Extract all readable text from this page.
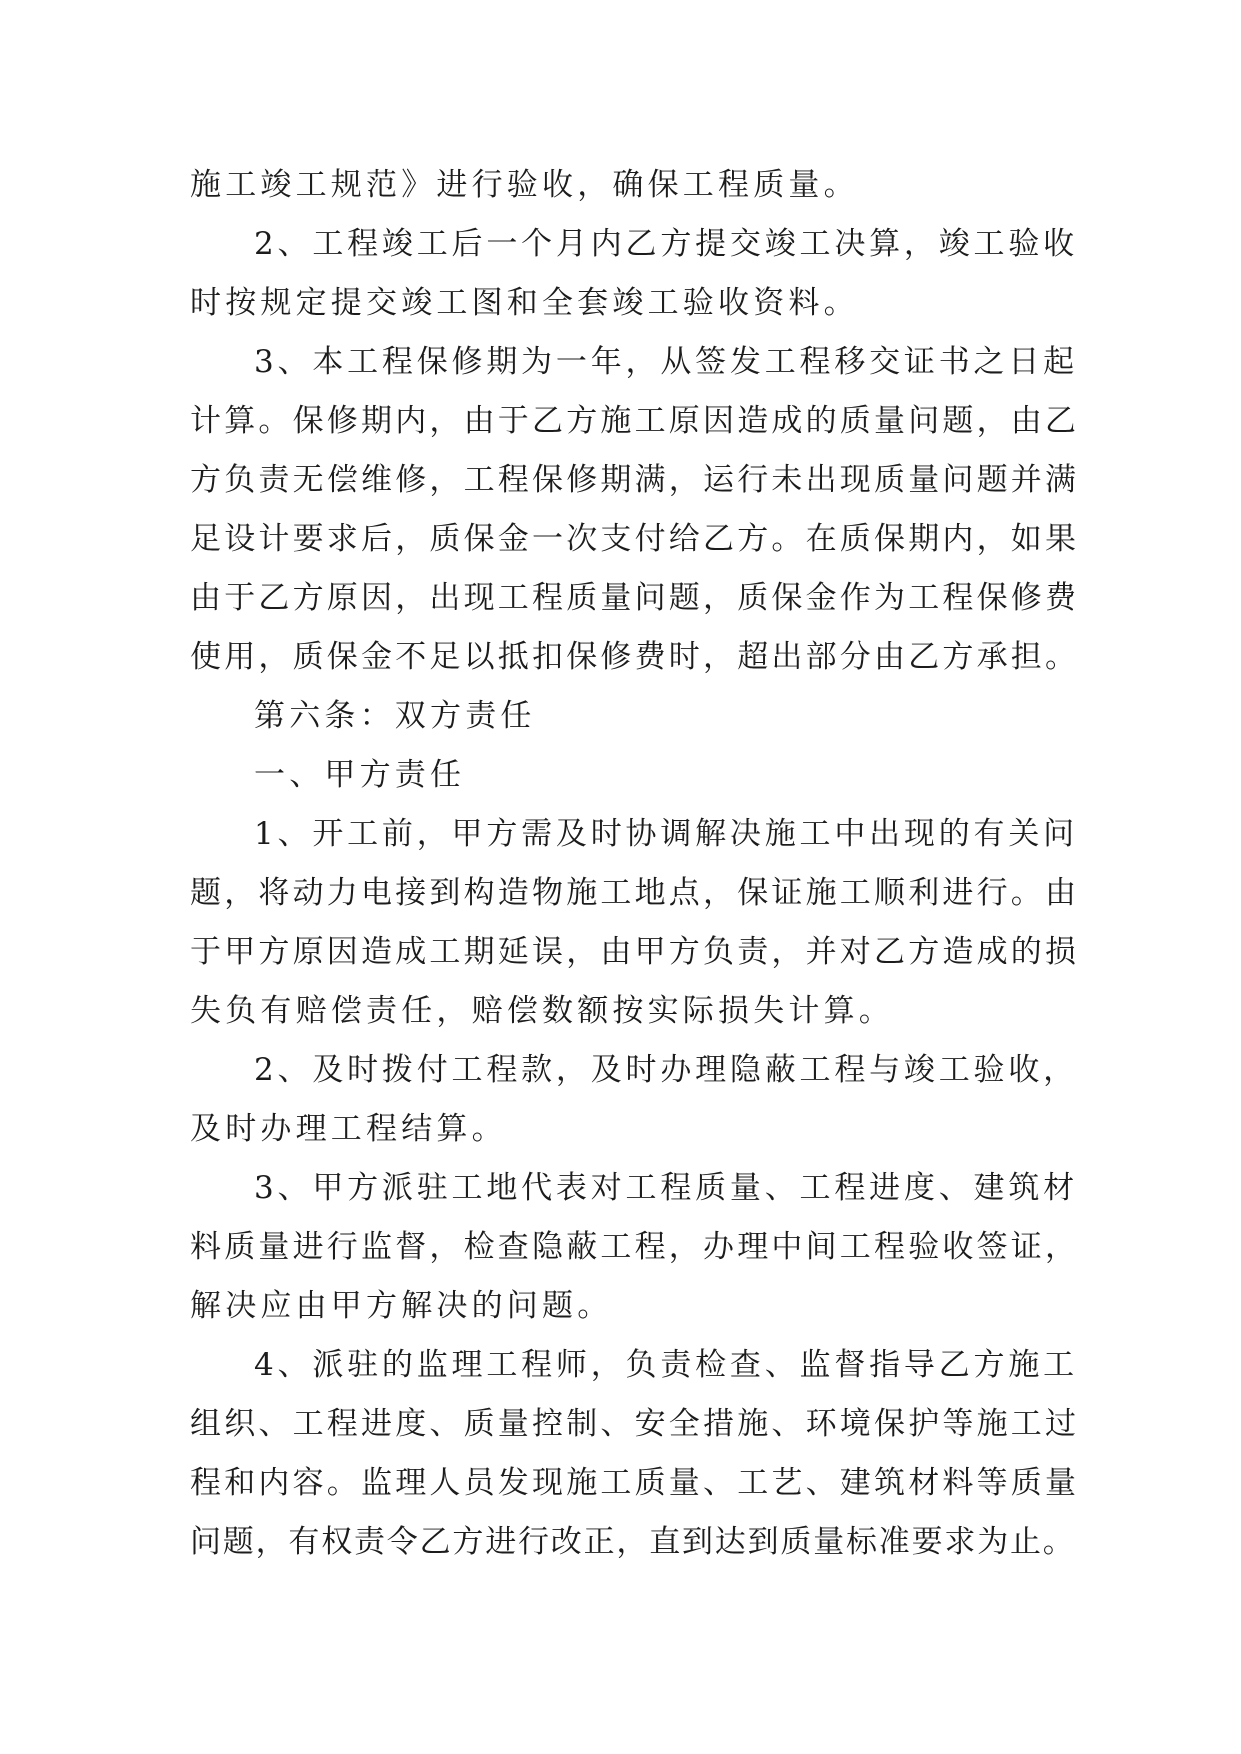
施工竣工规范》进行验收，确保工程质量。

2、工程竣工后一个月内乙方提交竣工决算，竣工验收

时按规定提交竣工图和全套竣工验收资料。

3、本工程保修期为一年，从签发工程移交证书之日起

计算。保修期内，由于乙方施工原因造成的质量问题，由乙

方负责无偿维修，工程保修期满，运行未出现质量问题并满

足设计要求后，质保金一次支付给乙方。在质保期内，如果

由于乙方原因，出现工程质量问题，质保金作为工程保修费

使用，质保金不足以抵扣保修费时，超出部分由乙方承担。

第六条：双方责任

一、甲方责任

1、开工前，甲方需及时协调解决施工中出现的有关问

题，将动力电接到构造物施工地点，保证施工顺利进行。由

于甲方原因造成工期延误，由甲方负责，并对乙方造成的损

失负有赔偿责任，赔偿数额按实际损失计算。

2、及时拨付工程款，及时办理隐蔽工程与竣工验收，

及时办理工程结算。

3、甲方派驻工地代表对工程质量、工程进度、建筑材

料质量进行监督，检查隐蔽工程，办理中间工程验收签证，

解决应由甲方解决的问题。

4、派驻的监理工程师，负责检查、监督指导乙方施工

组织、工程进度、质量控制、安全措施、环境保护等施工过

程和内容。监理人员发现施工质量、工艺、建筑材料等质量

问题，有权责令乙方进行改正，直到达到质量标准要求为止。
